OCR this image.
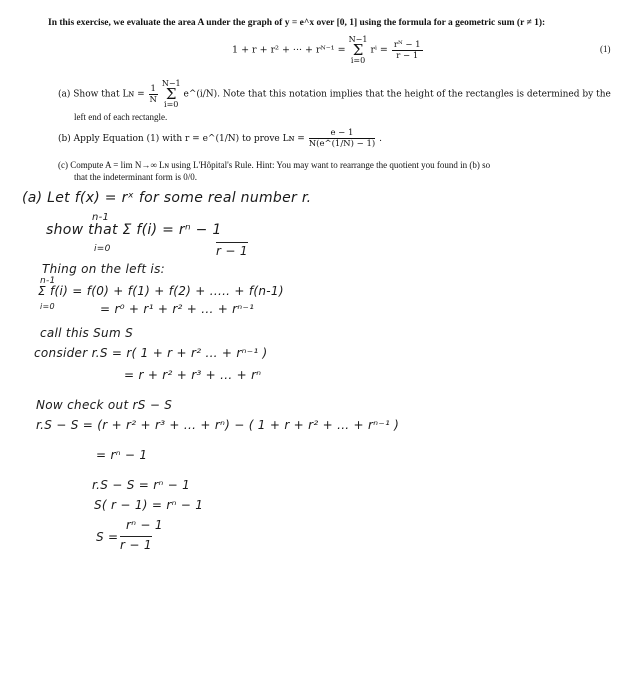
In this exercise, we evaluate the area A under the graph of y = e^x over [0, 1] using the formula for a geometric sum (r ≠ 1):
1 + r + r² + ··· + rᴺ⁻¹ = N−1
Σ
i=0 $r^i = \frac{\text{rᴺ − 1}}{r - 1}$	(1)
(a) Show that Lɴ = $\frac{1}{N} N-1$
Σ
i=0 e^(i/N). Note that this notation implies that the height of the rectangles is determined by the
left end of each rectangle.
(b) Apply Equation (1) with r = e^(1/N) to prove Lɴ = $\frac{e - 1}{N(e\^{}(1/N) - 1)}$ .
(c) Compute A = lim N→∞ Lɴ using L'Hôpital's Rule. Hint: You may want to rearrange the quotient you found in (b) so
that the indeterminant form is 0/0.
(a) Let f(x) = rˣ for some real number r.
n-1
show that Σ f(i) = rⁿ − 1
r − 1
i=0
Thing on the left is:
n-1
Σ f(i) = f(0) + f(1) + f(2) + ..... + f(n-1)
i=0	= r⁰ + r¹ + r² + ... + rⁿ⁻¹
call this Sum S
consider r.S = r( 1 + r + r² ... + rⁿ⁻¹ )
= r + r² + r³ + ... + rⁿ
Now check out rS − S
r.S − S = (r + r² + r³ + ... + rⁿ) − ( 1 + r + r² + ... + rⁿ⁻¹ )
= rⁿ − 1
r.S − S = rⁿ − 1
S( r − 1) = rⁿ − 1
S =
rⁿ − 1
r − 1
